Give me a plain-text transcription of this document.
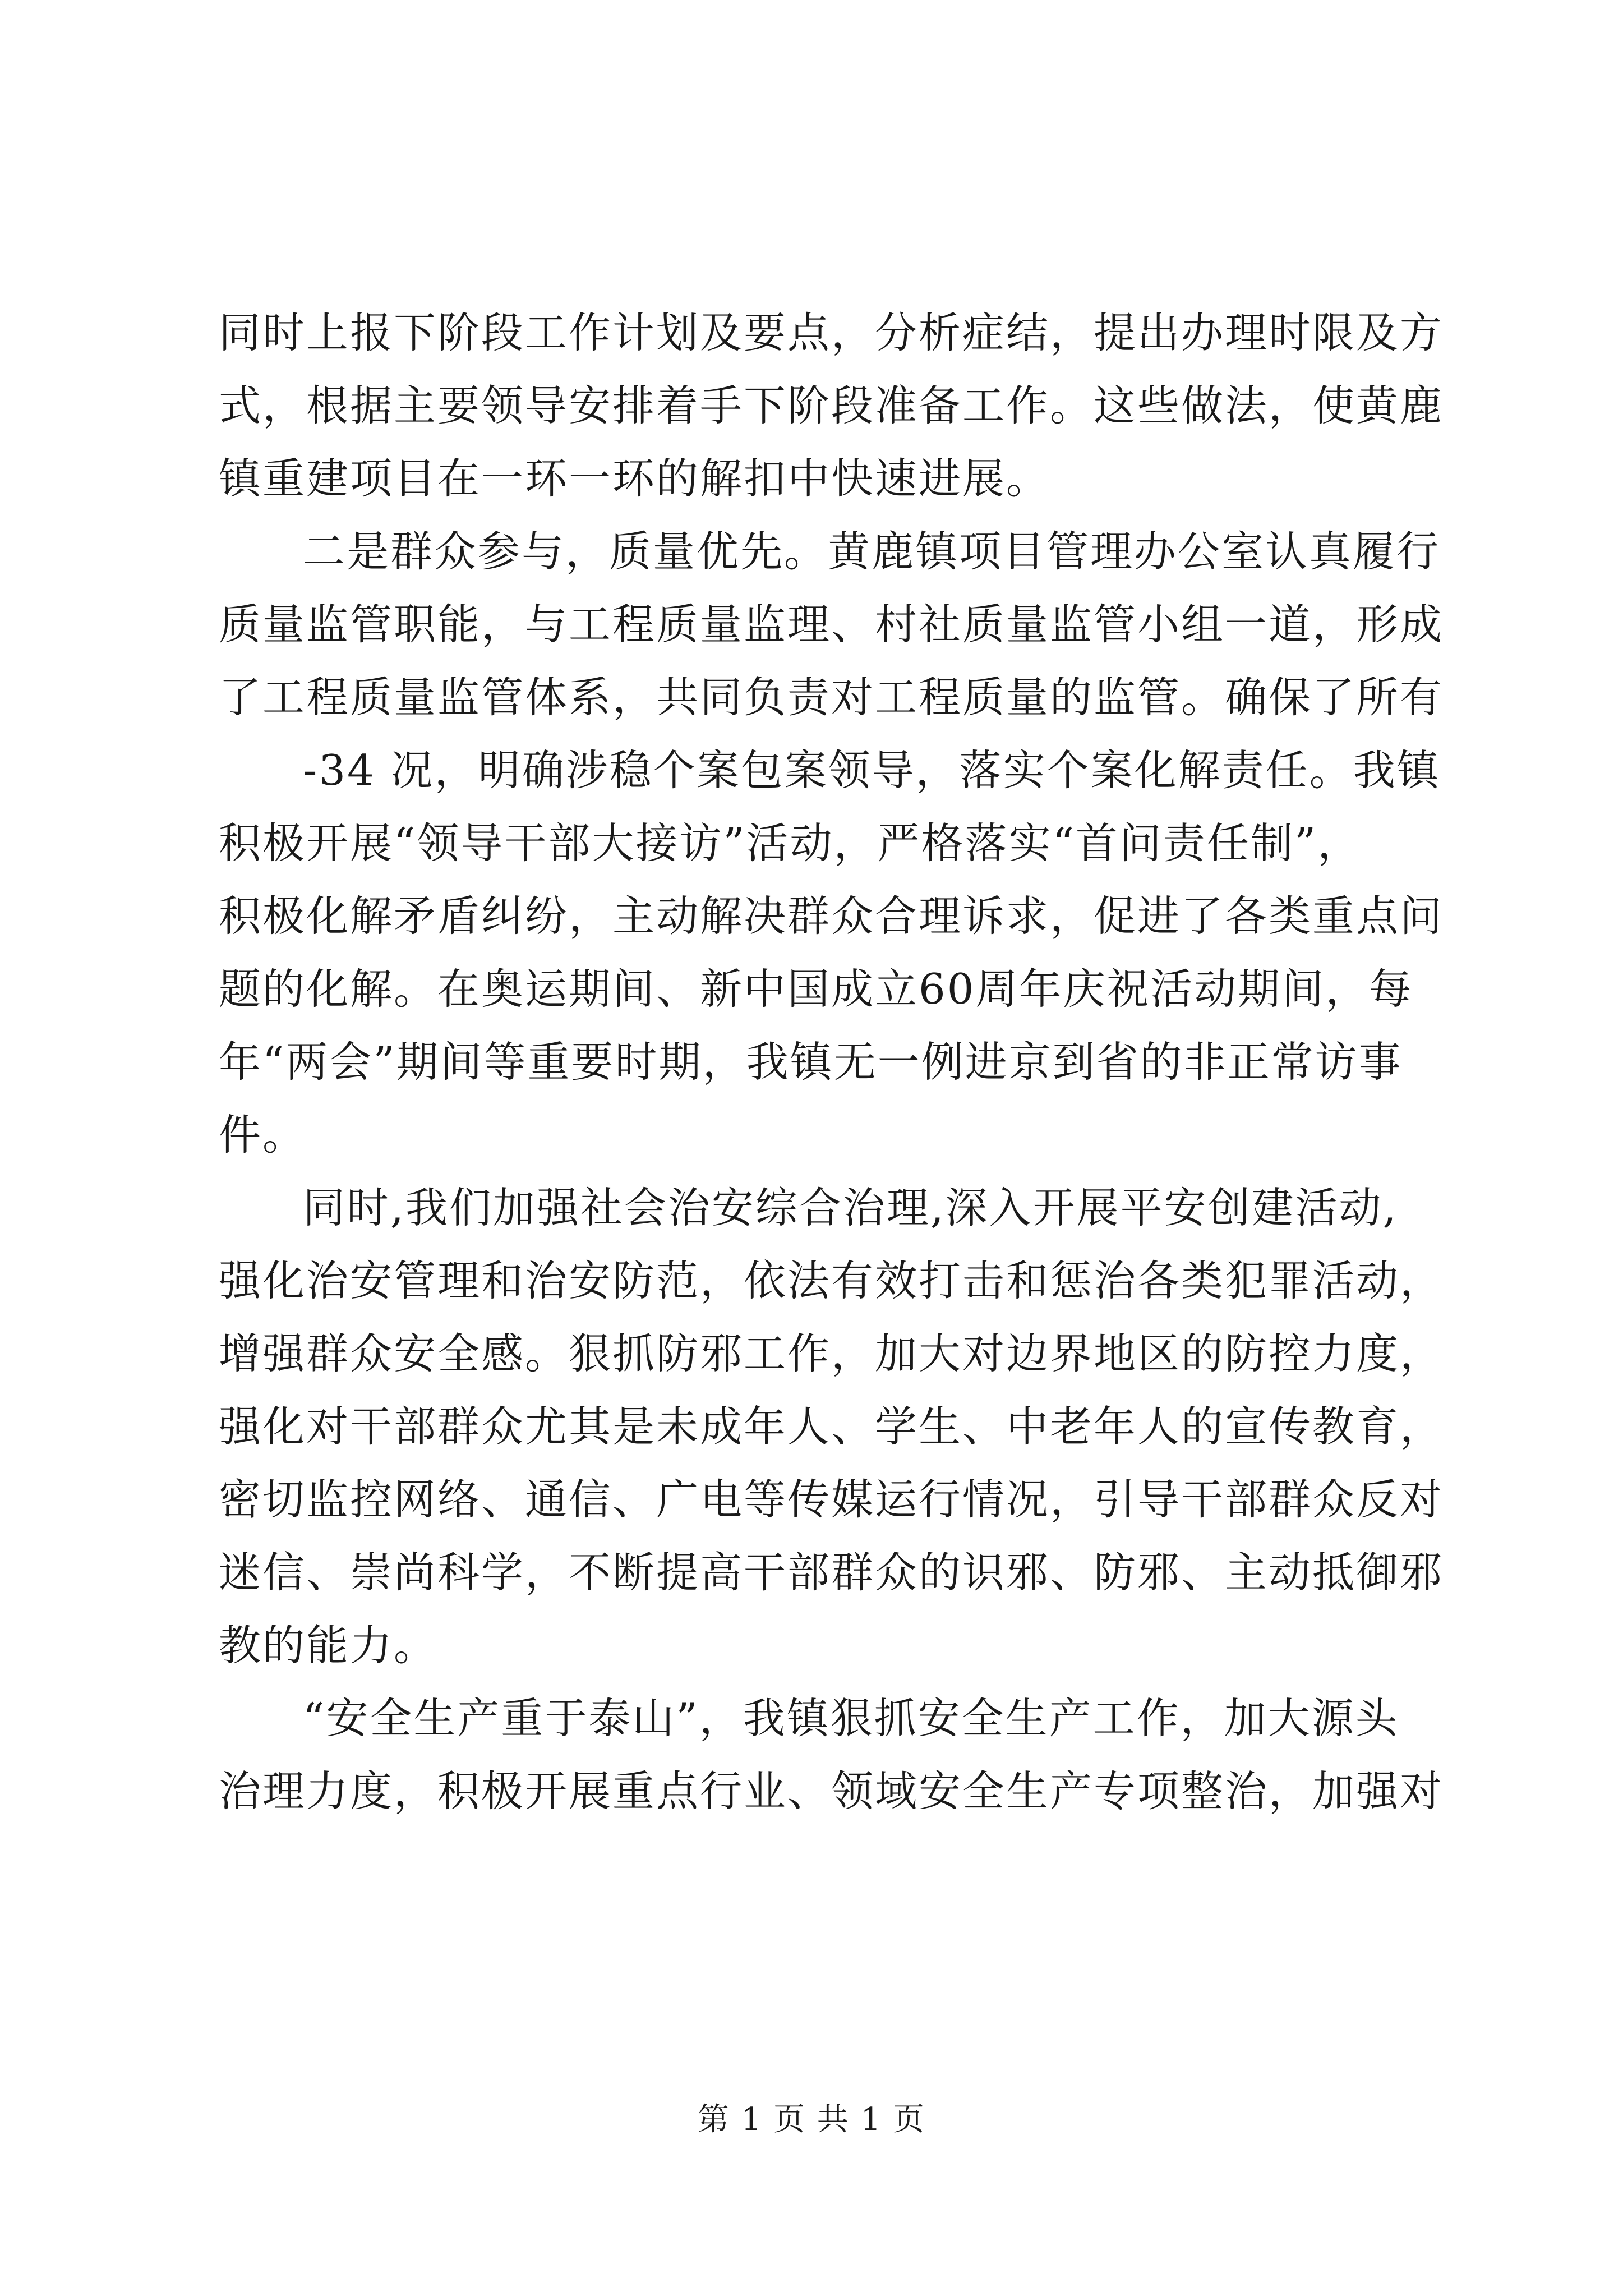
同时上报下阶段工作计划及要点，分析症结，提出办理时限及方
式，根据主要领导安排着手下阶段准备工作。这些做法，使黄鹿
镇重建项目在一环一环的解扣中快速进展。
二是群众参与，质量优先。黄鹿镇项目管理办公室认真履行
质量监管职能，与工程质量监理、村社质量监管小组一道，形成
了工程质量监管体系，共同负责对工程质量的监管。确保了所有
-34 况，明确涉稳个案包案领导，落实个案化解责任。我镇
积极开展“领导干部大接访”活动，严格落实“首问责任制”，
积极化解矛盾纠纷，主动解决群众合理诉求，促进了各类重点问
题的化解。在奥运期间、新中国成立60周年庆祝活动期间，每
年“两会”期间等重要时期，我镇无一例进京到省的非正常访事
件。
同时,我们加强社会治安综合治理,深入开展平安创建活动,
强化治安管理和治安防范，依法有效打击和惩治各类犯罪活动，
增强群众安全感。狠抓防邪工作，加大对边界地区的防控力度，
强化对干部群众尤其是未成年人、学生、中老年人的宣传教育，
密切监控网络、通信、广电等传媒运行情况，引导干部群众反对
迷信、崇尚科学，不断提高干部群众的识邪、防邪、主动抵御邪
教的能力。
“安全生产重于泰山”，我镇狠抓安全生产工作，加大源头
治理力度，积极开展重点行业、领域安全生产专项整治，加强对
第 1 页 共 1 页
